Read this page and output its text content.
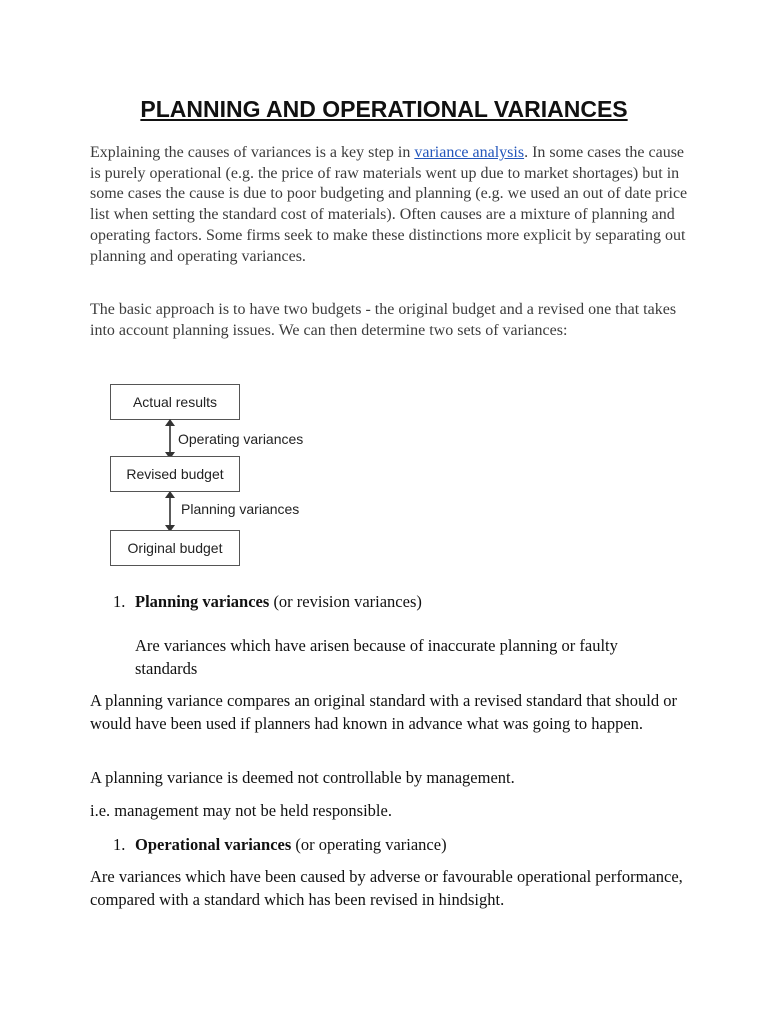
PLANNING AND OPERATIONAL VARIANCES

Explaining the causes of variances is a key step in variance analysis. In some cases the cause is purely operational (e.g. the price of raw materials went up due to market shortages) but in some cases the cause is due to poor budgeting and planning (e.g. we used an out of date price list when setting the standard cost of materials). Often causes are a mixture of planning and operating factors. Some firms seek to make these distinctions more explicit by separating out planning and operating variances.

The basic approach is to have two budgets - the original budget and a revised one that takes into account planning issues. We can then determine two sets of variances:

Actual results
Operating variances
Revised budget
Planning variances
Original budget
1. Planning variances (or revision variances)

Are variances which have arisen because of inaccurate planning or faulty standards

A planning variance compares an original standard with a revised standard that should or would have been used if planners had known in advance what was going to happen.

A planning variance is deemed not controllable by management.

i.e. management may not be held responsible.

1. Operational variances (or operating variance)

Are variances which have been caused by adverse or favourable operational performance, compared with a standard which has been revised in hindsight.
